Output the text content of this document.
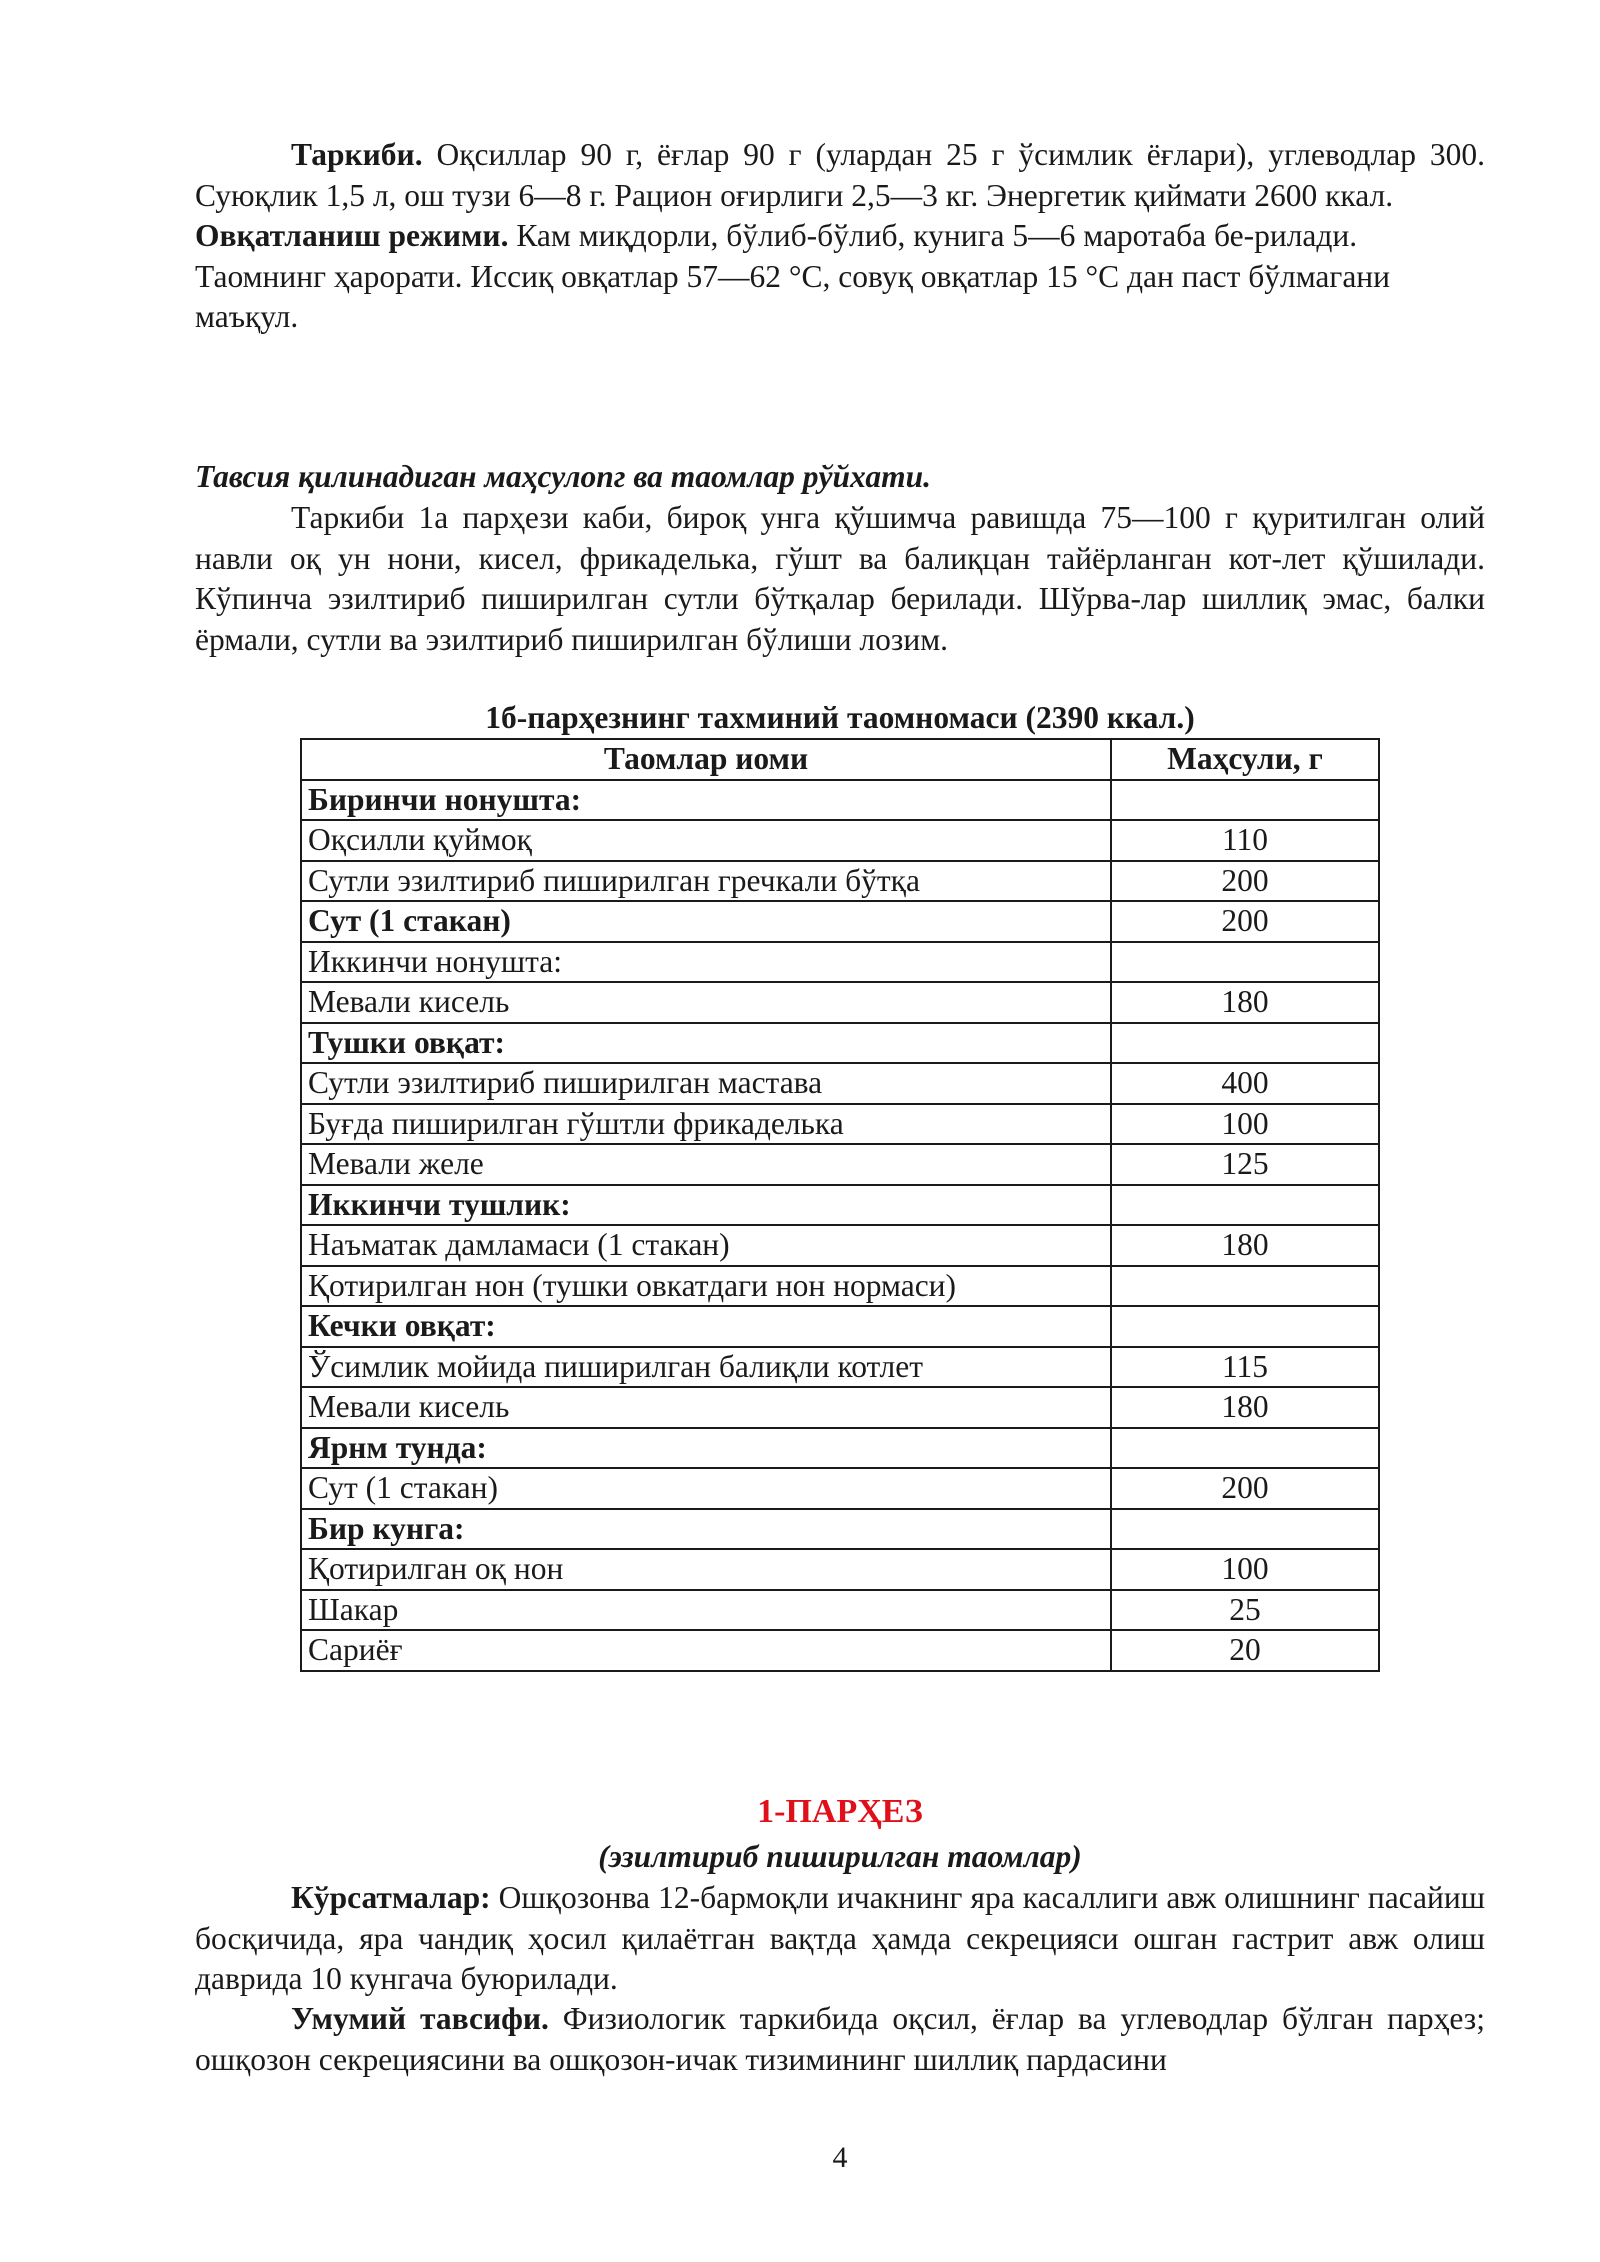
Таркиби. Оқсиллар 90 г, ёғлар 90 г (улардан 25 г ўсимлик ёғлари), углеводлар 300. Суюқлик 1,5 л, ош тузи 6—8 г. Рацион оғирлиги 2,5—3 кг. Энергетик қиймати 2600 ккал.
Овқатланиш режими. Кам миқдорли, бўлиб-бўлиб, кунига 5—6 маротаба бе-рилади.
Таомнинг ҳарорати. Иссиқ овқатлар 57—62 °С, совуқ овқатлар 15 °С дан паст бўлмагани маъқул.

Тавсия қилинадиган маҳсулопг ва таомлар рўйхати.

Таркиби 1а парҳези каби, бироқ унга қўшимча равишда 75—100 г қуритилган олий навли оқ ун нони, кисел, фрикаделька, гўшт ва балиқцан тайёрланган кот-лет қўшилади. Кўпинча эзилтириб пиширилган сутли бўтқалар берилади. Шўрва-лар шиллиқ эмас, балки ёрмали, сутли ва эзилтириб пиширилган бўлиши лозим.

1б-парҳезнинг тахминий таомномаси (2390 ккал.)
Таомлар иоми	Маҳсули, г
Биринчи нонушта:	
Оқсилли қуймоқ	110
Сутли эзилтириб пиширилган гречкали бўтқа	200
Сут (1 стакан)	200
Иккинчи нонушта:	
Мевали кисель	180
Тушки овқат:	
Сутли эзилтириб пиширилган мастава	400
Буғда пиширилган гўштли фрикаделька	100
Мевали желе	125
Иккинчи тушлик:	
Наъматак дамламаси (1 стакан)	180
Қотирилган нон (тушки овкатдаги нон нормаси)	
Кечки овқат:	
Ўсимлик мойида пиширилган балиқли котлет	115
Мевали кисель	180
Ярнм тунда:	
Сут (1 стакан)	200
Бир кунга:	
Қотирилган оқ нон	100
Шакар	25
Сариёғ	20
1-ПАРҲЕЗ
(эзилтириб пиширилган таомлар)

Кўрсатмалар: Ошқозонва 12-бармоқли ичакнинг яра касаллиги авж олишнинг пасайиш босқичида, яра чандиқ ҳосил қилаётган вақтда ҳамда секрецияси ошган гастрит авж олиш даврида 10 кунгача буюрилади.

Умумий тавсифи. Физиологик таркибида оқсил, ёғлар ва углеводлар бўлган парҳез; ошқозон секрециясини ва ошқозон-ичак тизимининг шиллиқ пардасини

4
